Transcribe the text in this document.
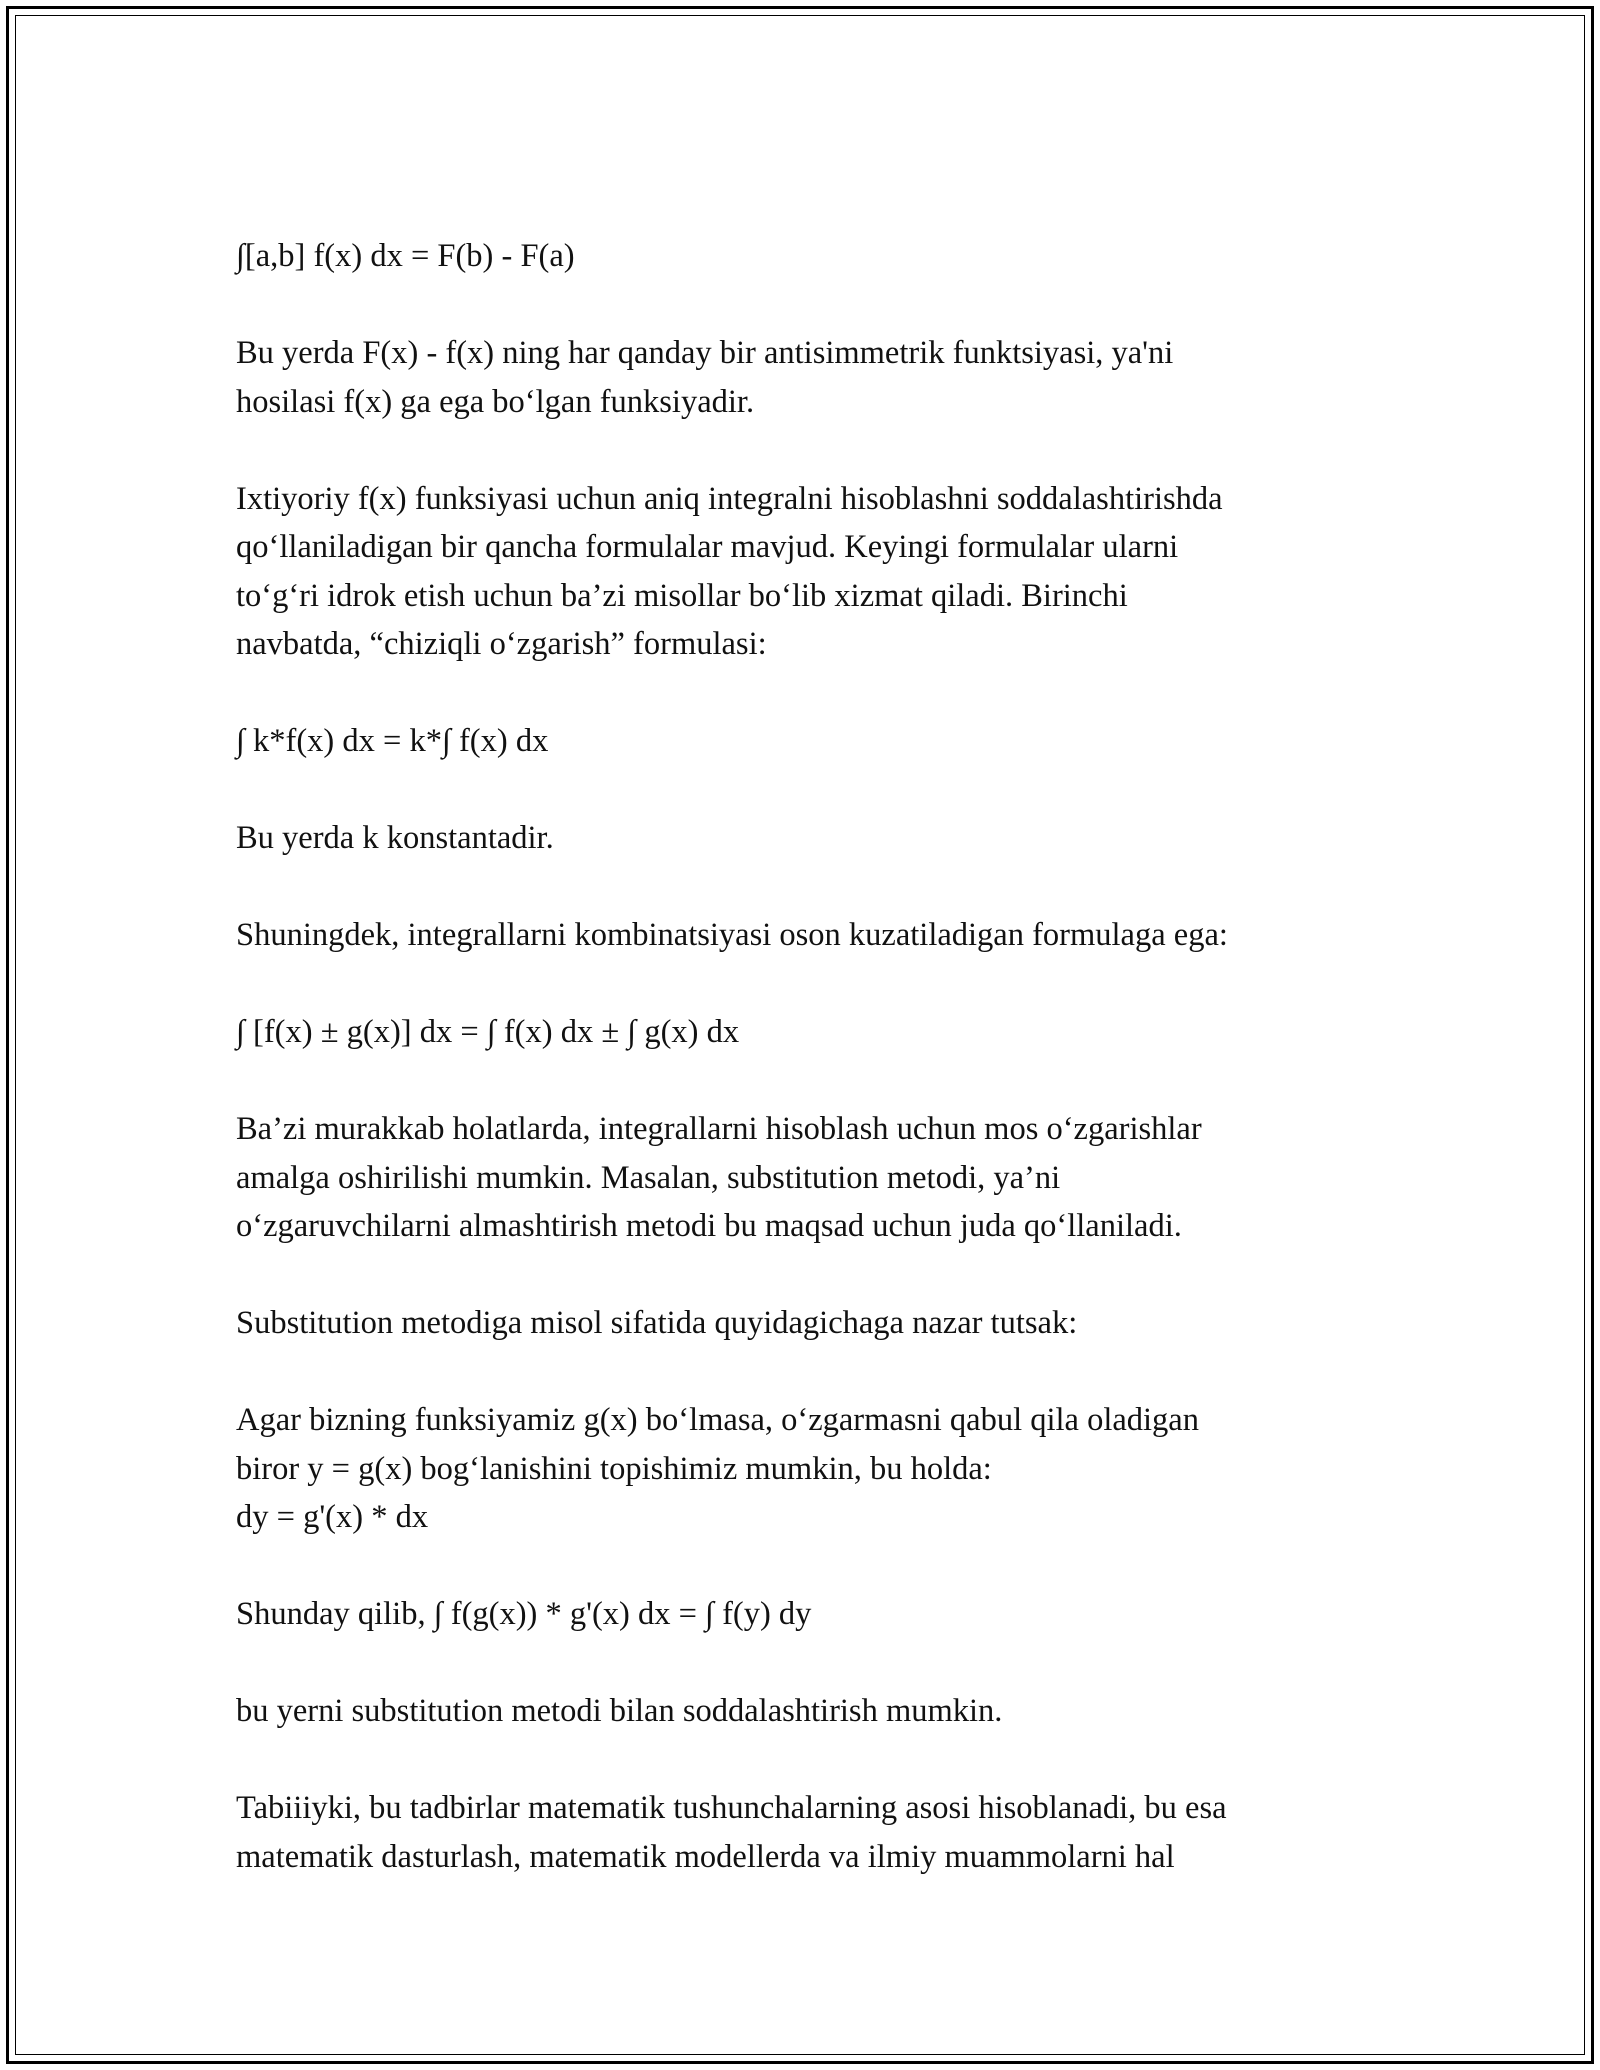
∫[a,b] f(x) dx = F(b) - F(a)
Bu yerda F(x) - f(x) ning har qanday bir antisimmetrik funktsiyasi, ya'ni
hosilasi f(x) ga ega bo‘lgan funksiyadir.
Ixtiyoriy f(x) funksiyasi uchun aniq integralni hisoblashni soddalashtirishda
qo‘llaniladigan bir qancha formulalar mavjud. Keyingi formulalar ularni
to‘g‘ri idrok etish uchun ba’zi misollar bo‘lib xizmat qiladi. Birinchi
navbatda, “chiziqli o‘zgarish” formulasi:
∫ k*f(x) dx = k*∫ f(x) dx
Bu yerda k konstantadir.
Shuningdek, integrallarni kombinatsiyasi oson kuzatiladigan formulaga ega:
∫ [f(x) ± g(x)] dx = ∫ f(x) dx ± ∫ g(x) dx
Ba’zi murakkab holatlarda, integrallarni hisoblash uchun mos o‘zgarishlar
amalga oshirilishi mumkin. Masalan, substitution metodi, ya’ni
o‘zgaruvchilarni almashtirish metodi bu maqsad uchun juda qo‘llaniladi.
Substitution metodiga misol sifatida quyidagichaga nazar tutsak:
Agar bizning funksiyamiz g(x) bo‘lmasa, o‘zgarmasni qabul qila oladigan
biror y = g(x) bog‘lanishini topishimiz mumkin, bu holda:
dy = g'(x) * dx
Shunday qilib, ∫ f(g(x)) * g'(x) dx = ∫ f(y) dy
bu yerni substitution metodi bilan soddalashtirish mumkin.
Tabiiiyki, bu tadbirlar matematik tushunchalarning asosi hisoblanadi, bu esa
matematik dasturlash, matematik modellerda va ilmiy muammolarni hal
